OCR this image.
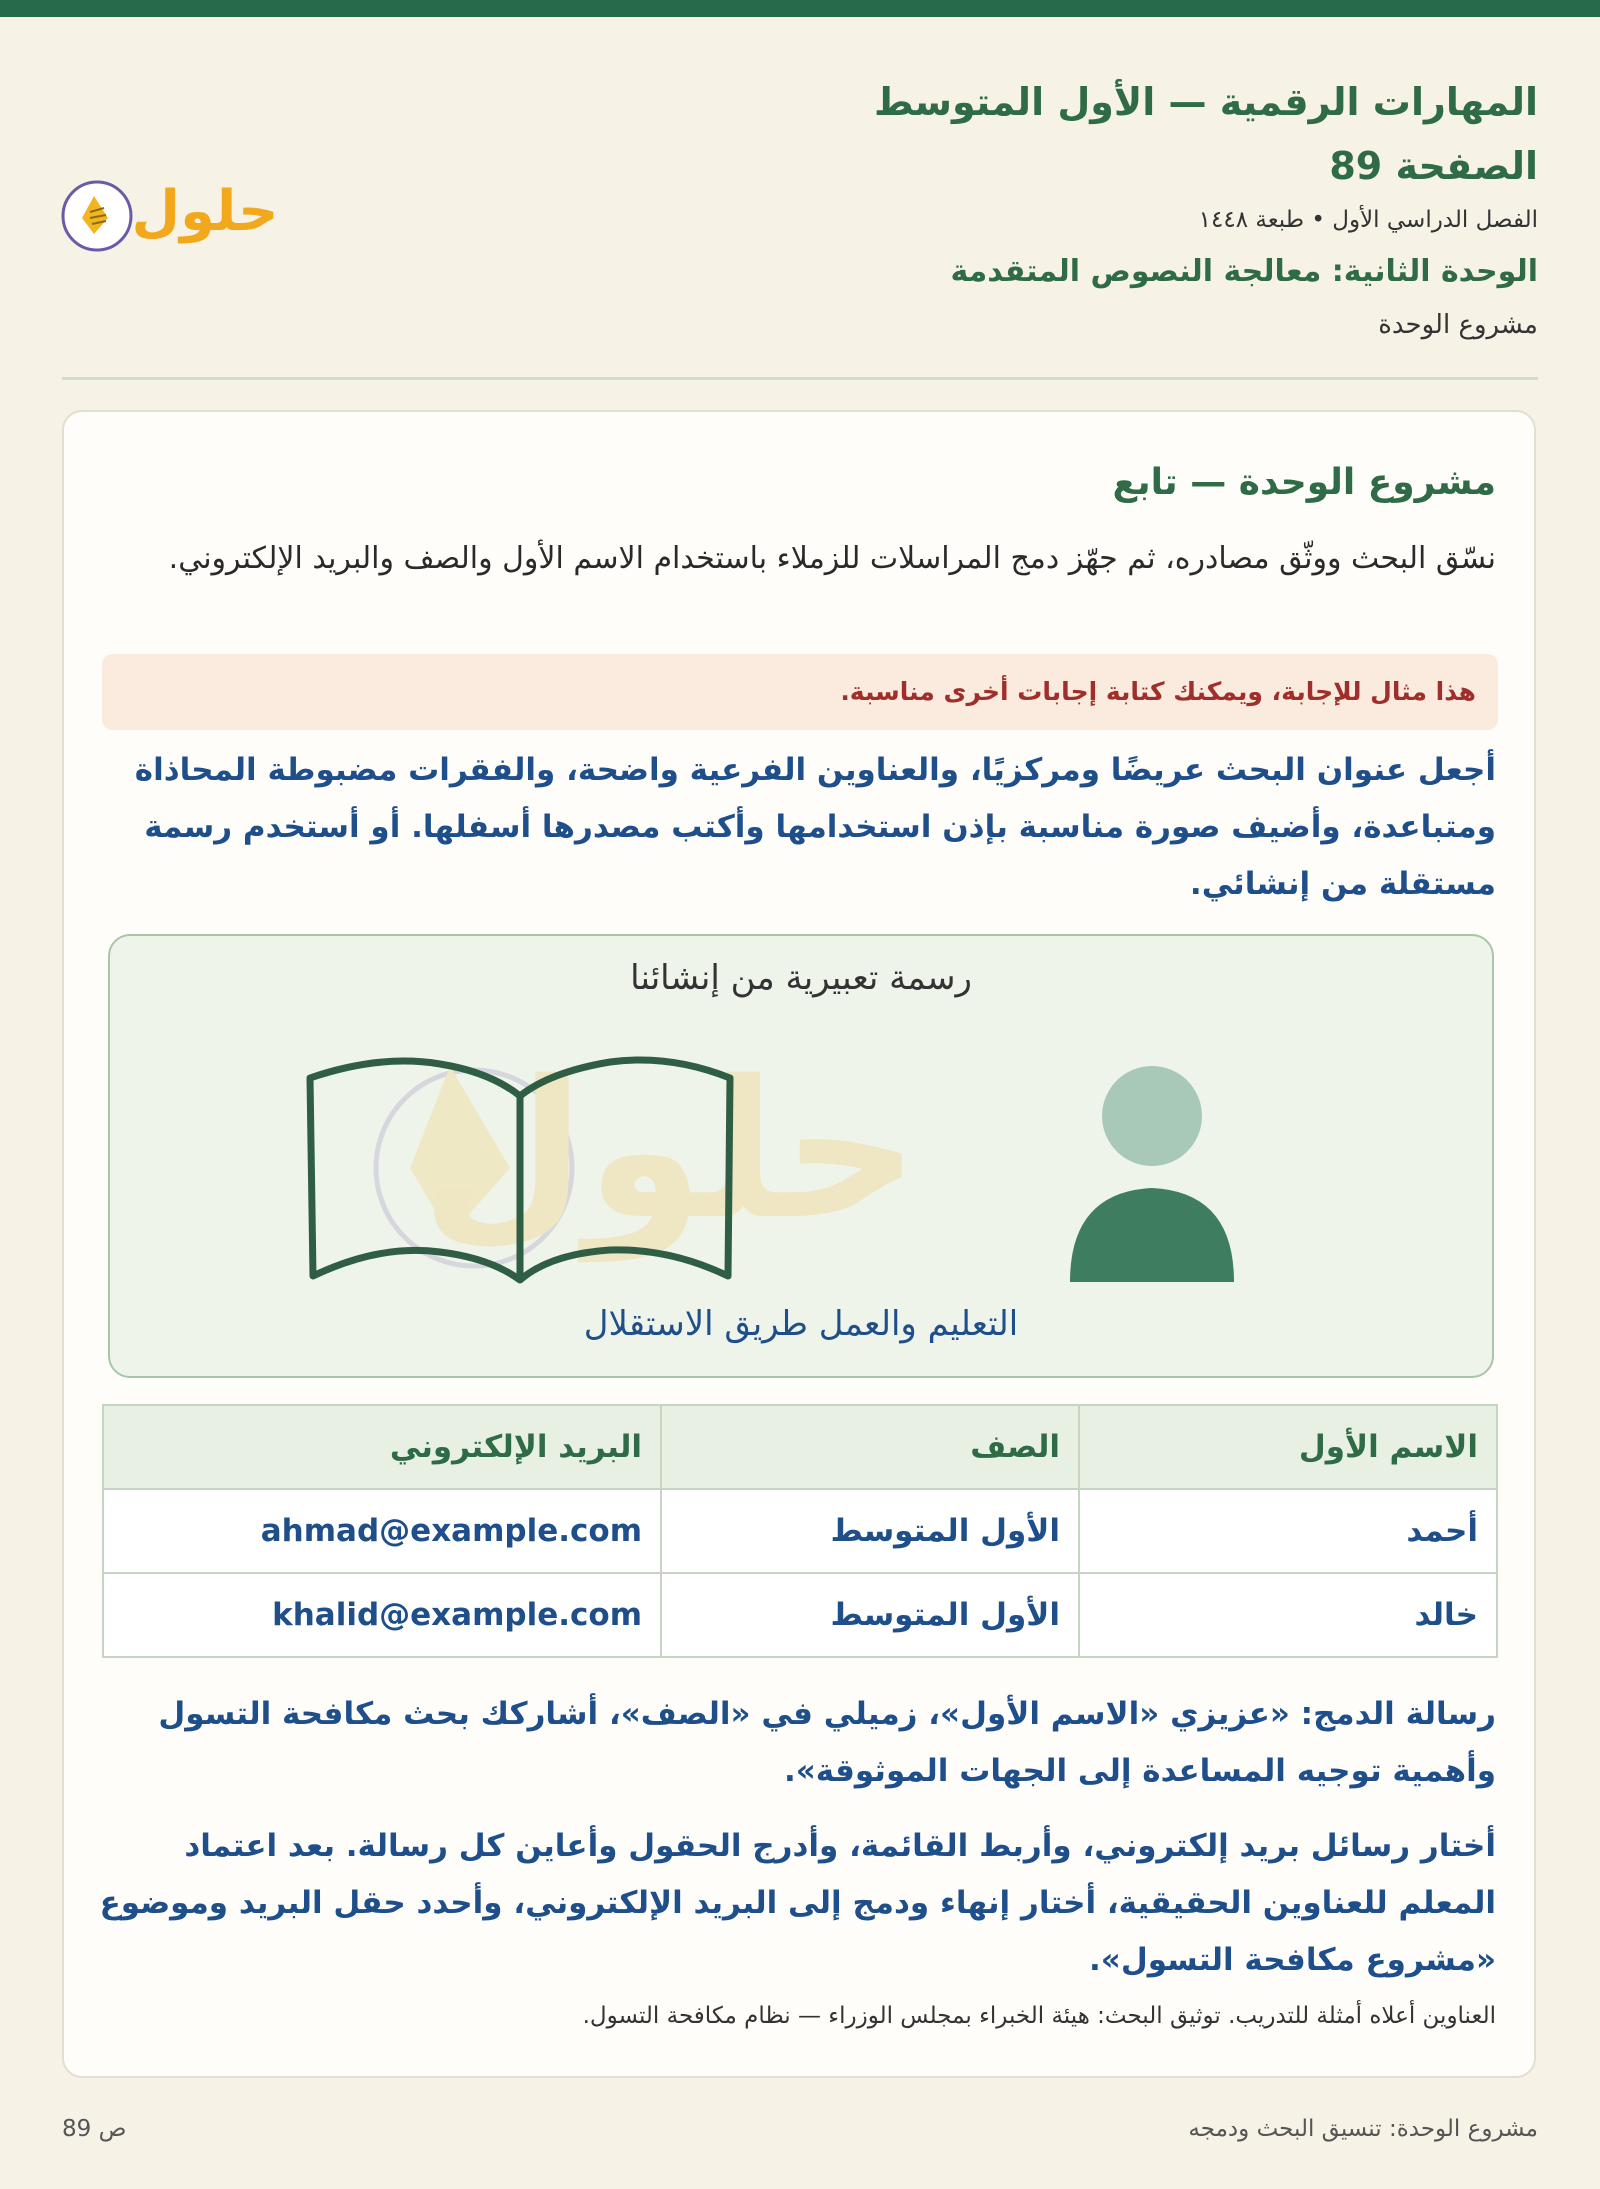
المهارات الرقمية — الأول المتوسط
الصفحة 89
الفصل الدراسي الأول • طبعة ١٤٤٨
الوحدة الثانية: معالجة النصوص المتقدمة
مشروع الوحدة
حلول
مشروع الوحدة — تابع
نسّق البحث ووثّق مصادره، ثم جهّز دمج المراسلات للزملاء باستخدام الاسم الأول والصف والبريد الإلكتروني.
هذا مثال للإجابة، ويمكنك كتابة إجابات أخرى مناسبة.
أجعل عنوان البحث عريضًا ومركزيًا، والعناوين الفرعية واضحة، والفقرات مضبوطة المحاذاة ومتباعدة، وأضيف صورة مناسبة بإذن استخدامها وأكتب مصدرها أسفلها. أو أستخدم رسمة مستقلة من إنشائي.
حلول
رسمة تعبيرية من إنشائنا
التعليم والعمل طريق الاستقلال
الاسم الأول	الصف	البريد الإلكتروني
أحمد	الأول المتوسط	ahmad@example.com
خالد	الأول المتوسط	khalid@example.com
رسالة الدمج: «عزيزي «الاسم الأول»، زميلي في «الصف»، أشاركك بحث مكافحة التسول وأهمية توجيه المساعدة إلى الجهات الموثوقة».
أختار رسائل بريد إلكتروني، وأربط القائمة، وأدرج الحقول وأعاين كل رسالة. بعد اعتماد المعلم للعناوين الحقيقية، أختار إنهاء ودمج إلى البريد الإلكتروني، وأحدد حقل البريد وموضوع «مشروع مكافحة التسول».
العناوين أعلاه أمثلة للتدريب. توثيق البحث: هيئة الخبراء بمجلس الوزراء — نظام مكافحة التسول.
مشروع الوحدة: تنسيق البحث ودمجه
ص 89
